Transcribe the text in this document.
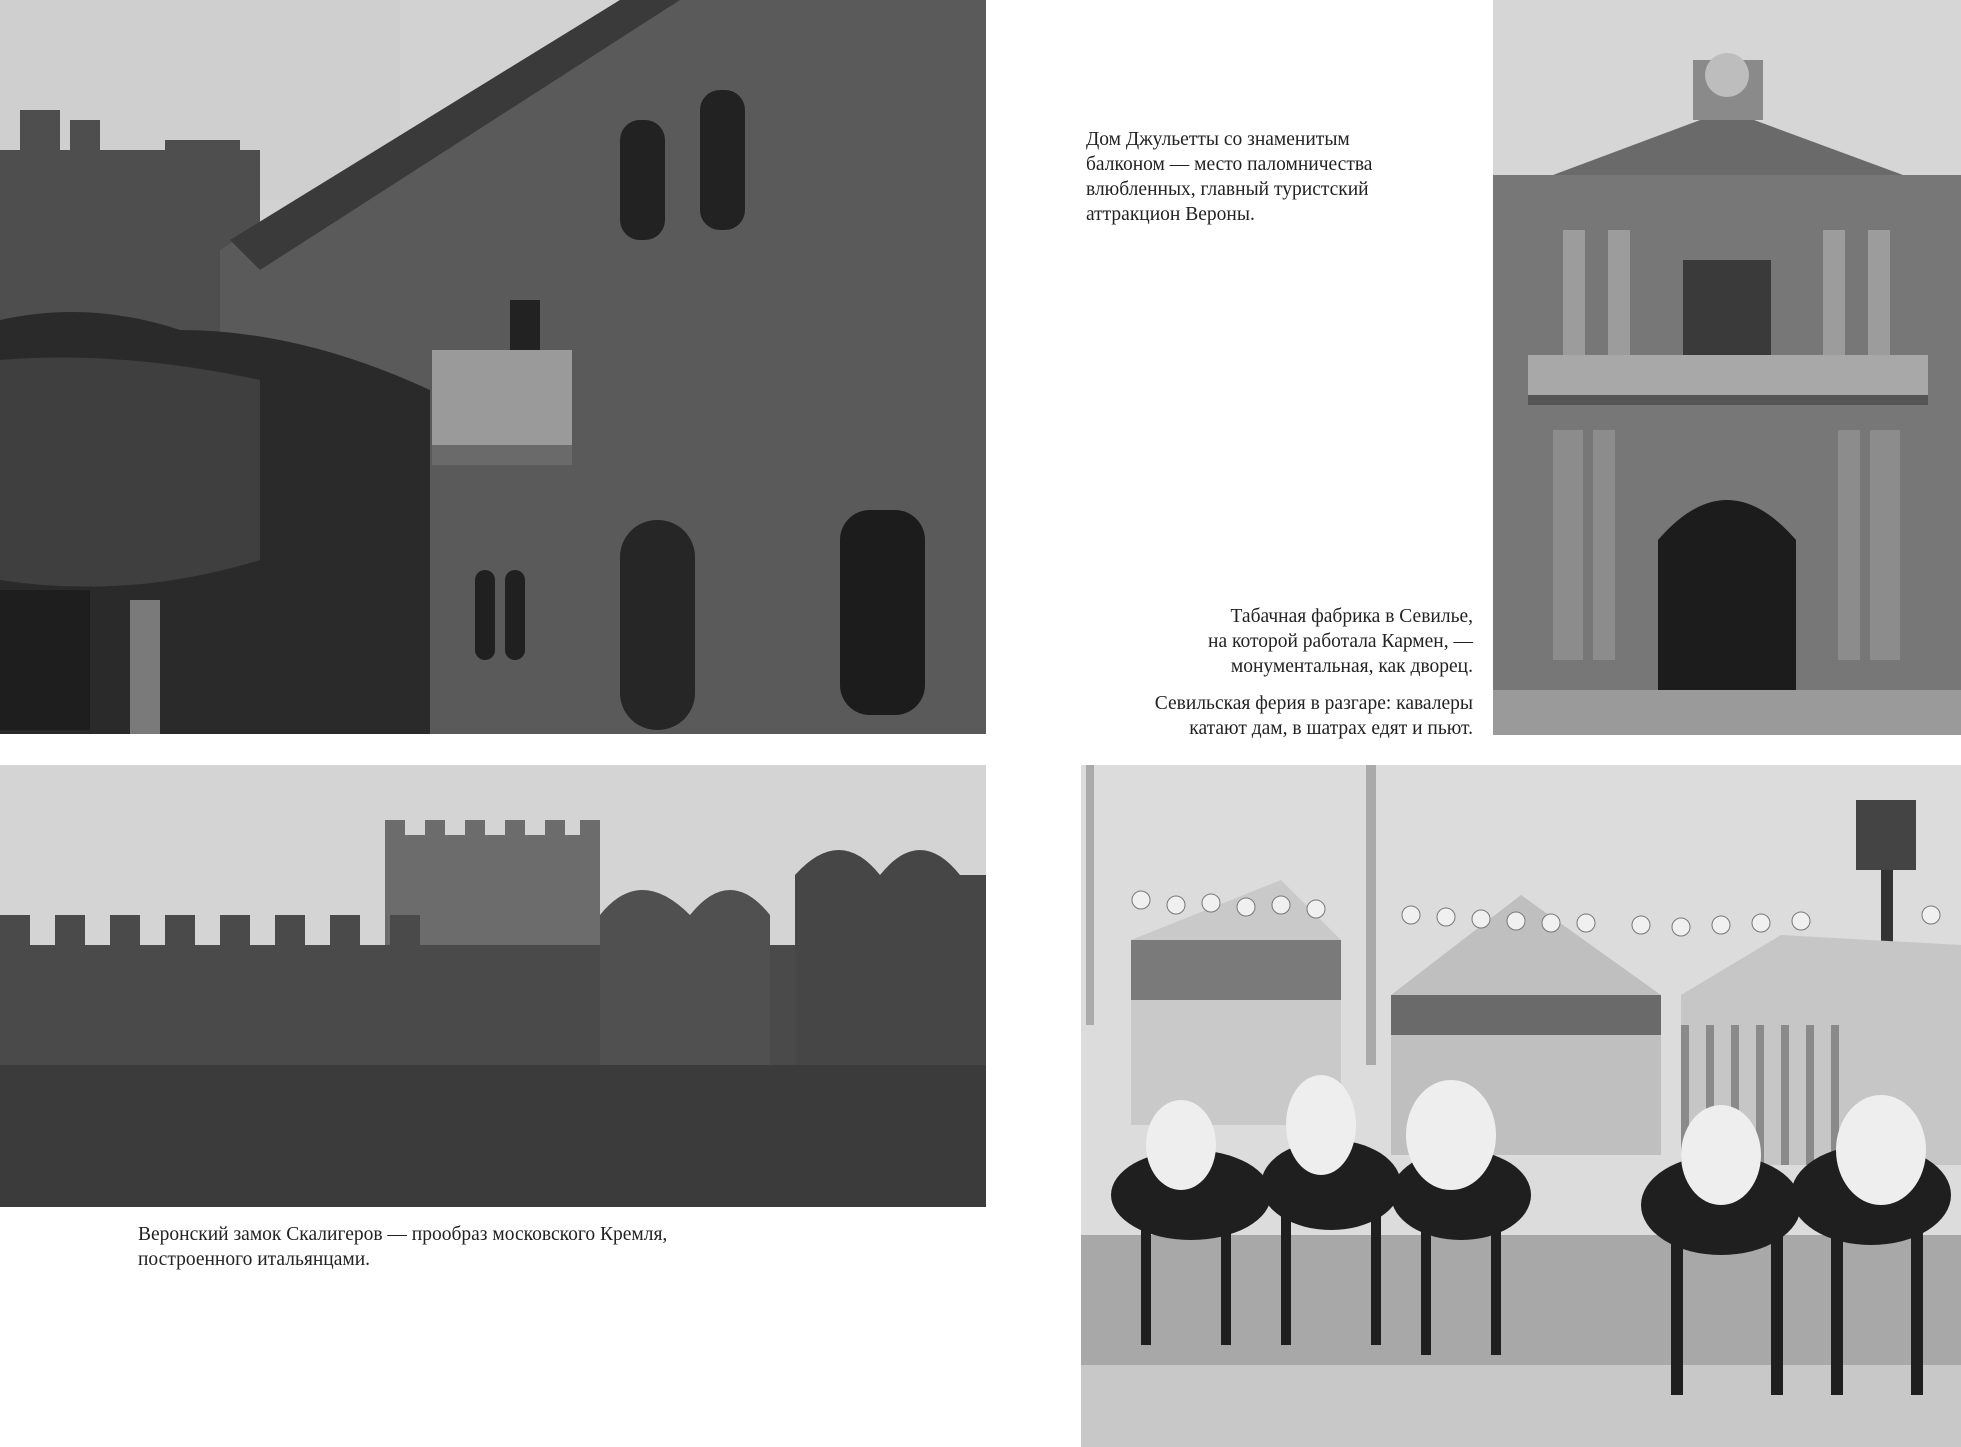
Дом Джульетты со знаменитым

балконом — место паломничества

влюбленных, главный туристский

аттракцион Вероны.

Табачная фабрика в Севилье,

на которой работала Кармен, —

монументальная, как дворец.

Севильская ферия в разгаре: кавалеры

катают дам, в шатрах едят и пьют.

Веронский замок Скалигеров — прообраз московского Кремля,

построенного итальянцами.
